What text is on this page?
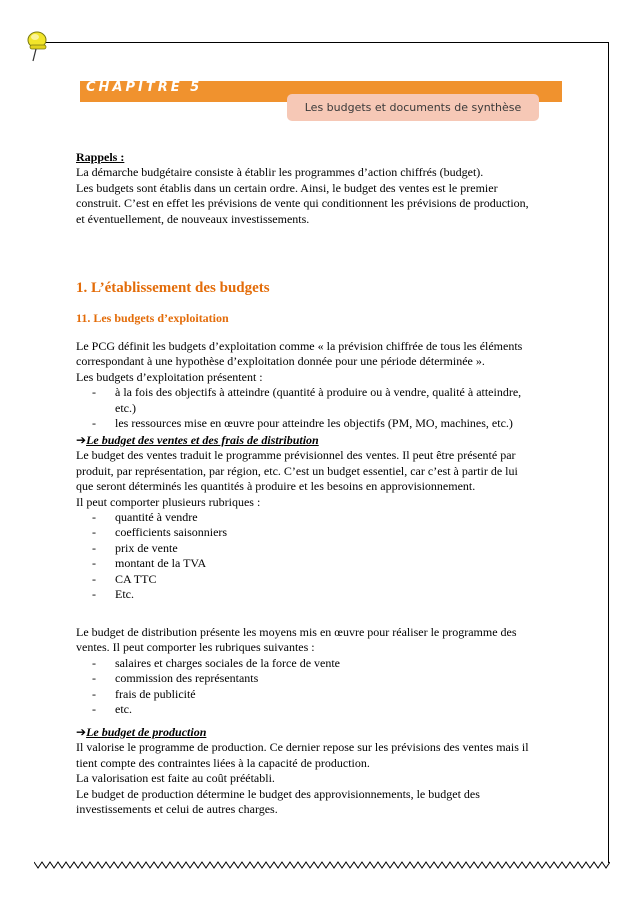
CHAPITRE 5
Les budgets et documents de synthèse

Rappels :

La démarche budgétaire consiste à établir les programmes d’action chiffrés (budget).

Les budgets sont établis dans un certain ordre. Ainsi, le budget des ventes est le premier

construit. C’est en effet les prévisions de vente qui conditionnent les prévisions de production,

et éventuellement, de nouveaux investissements.

1. L’établissement des budgets

11. Les budgets d’exploitation

Le PCG définit les budgets d’exploitation comme « la prévision chiffrée de tous les éléments

correspondant à une hypothèse d’exploitation donnée pour une période déterminée ».

Les budgets d’exploitation présentent :

- à la fois des objectifs à atteindre (quantité à produire ou à vendre, qualité à atteindre,
etc.)
- les ressources mise en œuvre pour atteindre les objectifs (PM, MO, machines, etc.)

➔Le budget des ventes et des frais de distribution

Le budget des ventes traduit le programme prévisionnel des ventes. Il peut être présenté par

produit, par représentation, par région, etc. C’est un budget essentiel, car c’est à partir de lui

que seront déterminés les quantités à produire et les besoins en approvisionnement.

Il peut comporter plusieurs rubriques :

- quantité à vendre
- coefficients saisonniers
- prix de vente
- montant de la TVA
- CA TTC
- Etc.

Le budget de distribution présente les moyens mis en œuvre pour réaliser le programme des

ventes. Il peut comporter les rubriques suivantes :

- salaires et charges sociales de la force de vente
- commission des représentants
- frais de publicité
- etc.

➔Le budget de production

Il valorise le programme de production. Ce dernier repose sur les prévisions des ventes mais il

tient compte des contraintes liées à la capacité de production.

La valorisation est faite au coût préétabli.

Le budget de production détermine le budget des approvisionnements, le budget des

investissements et celui de autres charges.
